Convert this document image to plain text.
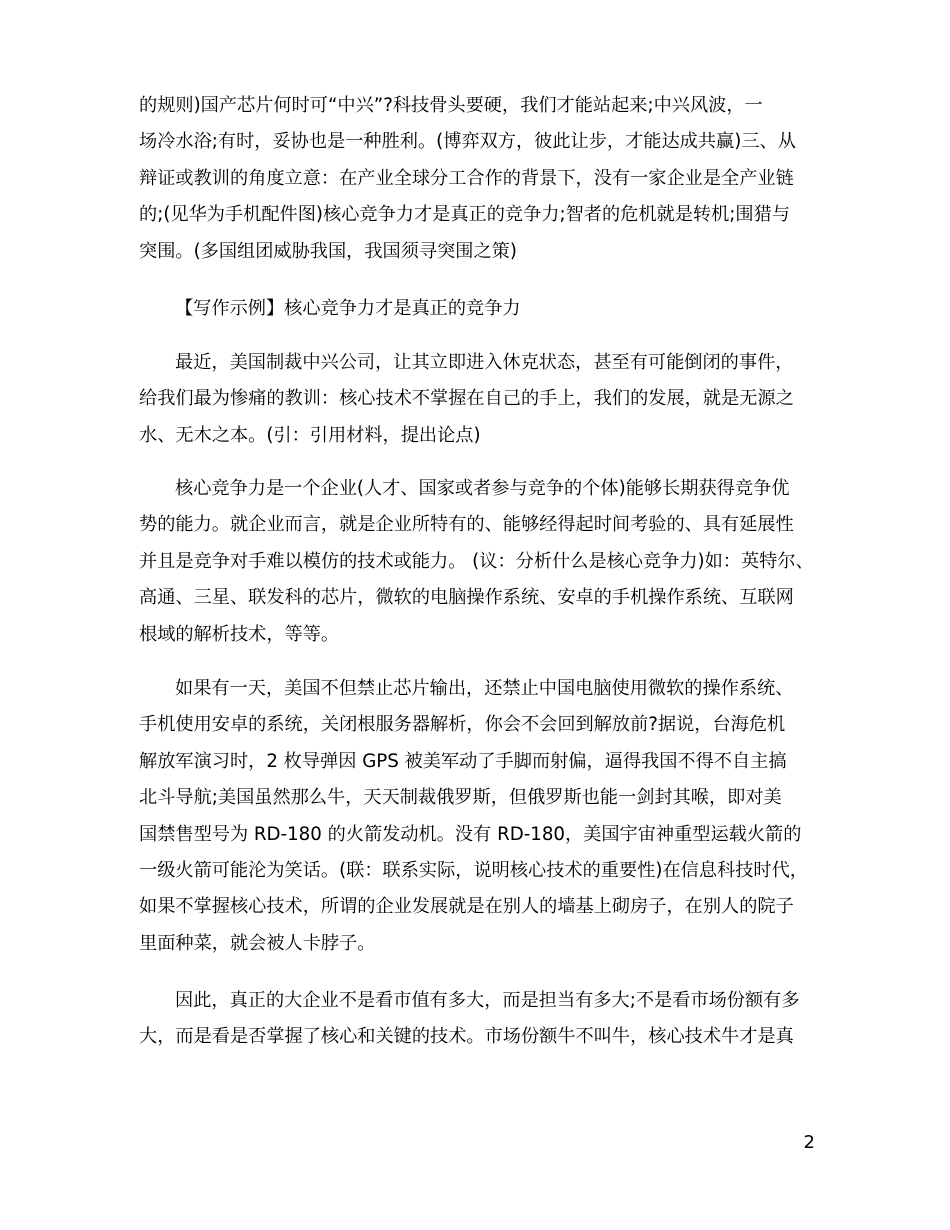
的规则)国产芯片何时可“中兴”?科技骨头要硬，我们才能站起来;中兴风波，一
场冷水浴;有时，妥协也是一种胜利。(博弈双方，彼此让步，才能达成共赢)三、从
辩证或教训的角度立意：在产业全球分工合作的背景下，没有一家企业是全产业链
的;(见华为手机配件图)核心竞争力才是真正的竞争力;智者的危机就是转机;围猎与
突围。(多国组团威胁我国，我国须寻突围之策)
【写作示例】核心竞争力才是真正的竞争力
最近，美国制裁中兴公司，让其立即进入休克状态，甚至有可能倒闭的事件，
给我们最为惨痛的教训：核心技术不掌握在自己的手上，我们的发展，就是无源之
水、无木之本。(引：引用材料，提出论点)
核心竞争力是一个企业(人才、国家或者参与竞争的个体)能够长期获得竞争优
势的能力。就企业而言，就是企业所特有的、能够经得起时间考验的、具有延展性
并且是竞争对手难以模仿的技术或能力。 (议：分析什么是核心竞争力)如：英特尔、
高通、三星、联发科的芯片，微软的电脑操作系统、安卓的手机操作系统、互联网
根域的解析技术，等等。
如果有一天，美国不但禁止芯片输出，还禁止中国电脑使用微软的操作系统、
手机使用安卓的系统，关闭根服务器解析，你会不会回到解放前?据说，台海危机
解放军演习时，2 枚导弹因 GPS 被美军动了手脚而射偏，逼得我国不得不自主搞
北斗导航;美国虽然那么牛，天天制裁俄罗斯，但俄罗斯也能一剑封其喉，即对美
国禁售型号为 RD-180 的火箭发动机。没有 RD-180，美国宇宙神重型运载火箭的
一级火箭可能沦为笑话。(联：联系实际，说明核心技术的重要性)在信息科技时代，
如果不掌握核心技术，所谓的企业发展就是在别人的墙基上砌房子，在别人的院子
里面种菜，就会被人卡脖子。
因此，真正的大企业不是看市值有多大，而是担当有多大;不是看市场份额有多
大，而是看是否掌握了核心和关键的技术。市场份额牛不叫牛，核心技术牛才是真
2
